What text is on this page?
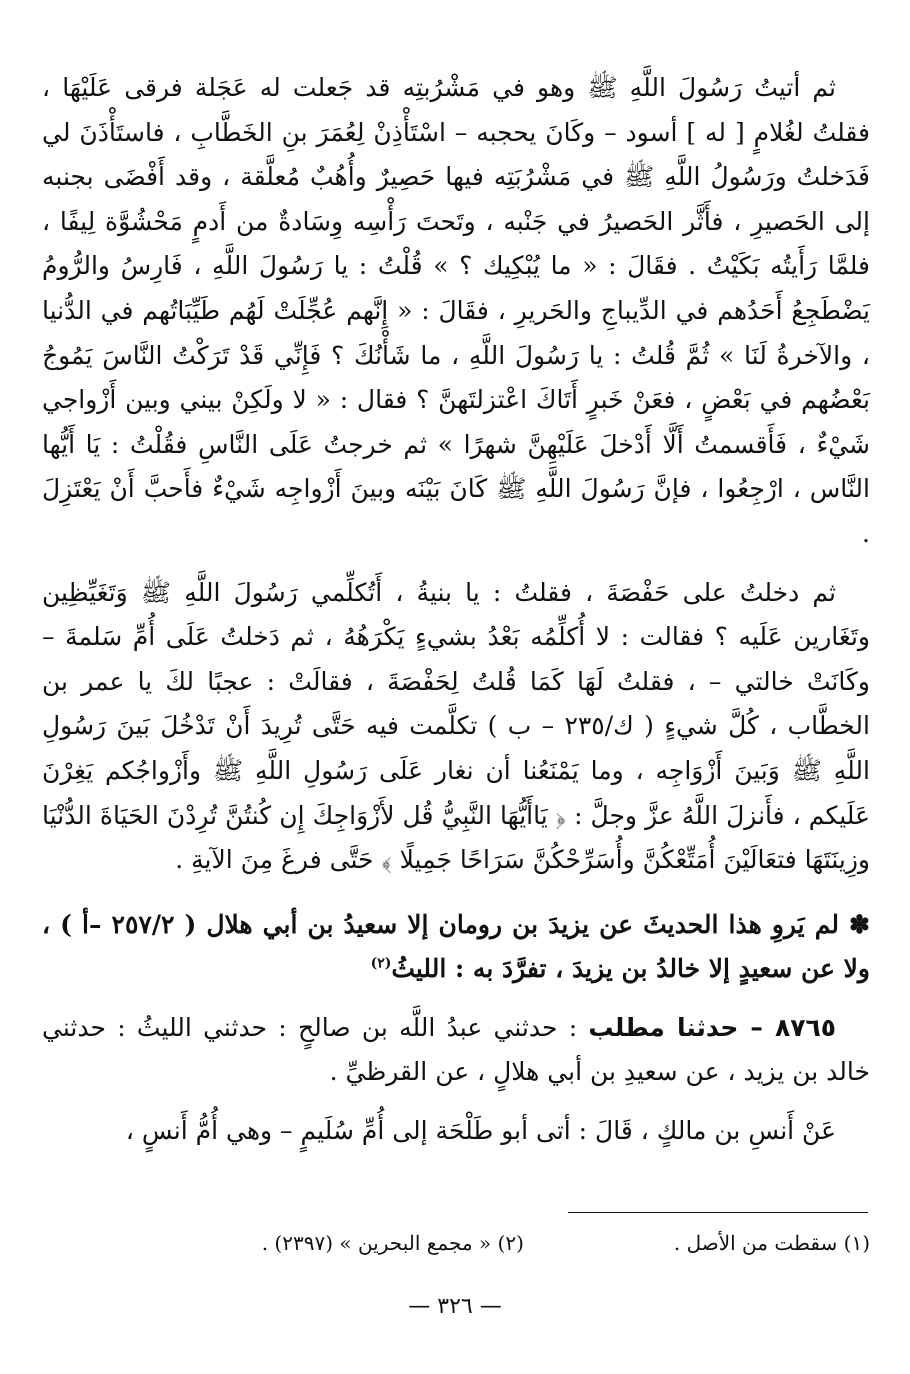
ثم أتيتُ رَسُولَ اللَّهِ ﷺ وهو في مَشْرُبتِه قد جَعلت له عَجَلة فرقى عَلَيْهَا ، فقلتُ لغُلامٍ [ له ] أسود – وكَانَ يحجبه – اسْتَأْذِنْ لِعُمَرَ بنِ الخَطَّابِ ، فاستَأْذَنَ لي فَدَخلتُ ورَسُولُ اللَّهِ ﷺ في مَشْرُبَتِه فيها حَصِيرٌ وأُهُبٌ مُعلَّقة ، وقد أَفْضَى بجنبه إلى الحَصيرِ ، فأَثَّر الحَصيرُ في جَنْبه ، وتَحتَ رَأْسِه وِسَادةٌ من أَدمٍ مَحْشُوَّة لِيفًا ، فلمَّا رَأَيتُه بَكَيْتُ . فقَالَ : « ما يُبْكِيك ؟ » قُلْتُ : يا رَسُولَ اللَّهِ ، فَارِسُ والرُّومُ يَضْطَجِعُ أَحَدُهم في الدِّيباجِ والحَريرِ ، فقَالَ : « إِنَّهم عُجِّلَتْ لَهُم طَيِّبَاتُهم في الدُّنيا ، والآخرةُ لَنَا » ثُمَّ قُلتُ : يا رَسُولَ اللَّهِ ، ما شَأْنُكَ ؟ فَإِنِّي قَدْ تَرَكْتُ النَّاسَ يَمُوجُ بَعْضُهم في بَعْضٍ ، فعَنْ خَبرٍ أَتَاكَ اعْتزلتَهنَّ ؟ فقال : « لا ولَكِنْ بيني وبين أَزْواجي شَيْءٌ ، فَأَقسمتُ أَلَّا أَدْخلَ عَلَيْهِنَّ شهرًا » ثم خرجتُ عَلَى النَّاسِ فقُلْتُ : يَا أَيُّها النَّاس ، ارْجِعُوا ، فإنَّ رَسُولَ اللَّهِ ﷺ كَانَ بَيْنَه وبينَ أَزْواجِه شَيْءٌ فأَحبَّ أَنْ يَعْتَزِلَ .

ثم دخلتُ على حَفْصَةَ ، فقلتُ : يا بنيةُ ، أَتُكلِّمي رَسُولَ اللَّهِ ﷺ وَتَغَيِّظِين وتَغَارين عَلَيه ؟ فقالت : لا أُكلِّمُه بَعْدُ بشيءٍ يَكْرَهُهُ ، ثم دَخلتُ عَلَى أُمِّ سَلمةَ – وكَانَتْ خالتي – ، فقلتُ لَهَا كَمَا قُلتُ لِحَفْصَةَ ، فقالَتْ : عجبًا لكَ يا عمر بن الخطَّاب ، كُلَّ شيءٍ ( ك/٢٣٥ – ب ) تكلَّمت فيه حَتَّى تُرِيدَ أَنْ تَدْخُلَ بَينَ رَسُولِ اللَّهِ ﷺ وَبَينَ أَزْوَاجِه ، وما يَمْنَعُنا أن نغار عَلَى رَسُولِ اللَّهِ ﷺ وأَزْواجُكم يَغِرْنَ عَلَيكم ، فأَنزلَ اللَّهُ عزَّ وجلَّ : ﴿ يَاأَيُّهَا النَّبِيُّ قُل لأَزْوَاجِكَ إِن كُنتُنَّ تُرِدْنَ الحَيَاةَ الدُّنْيَا وزِينَتَهَا فتعَالَيْنَ أُمَتِّعْكُنَّ وأُسَرِّحْكُنَّ سَرَاحًا جَمِيلًا ﴾ حَتَّى فرغَ مِنَ الآيةِ .

✽ لم يَروِ هذا الحديثَ عن يزيدَ بن رومان إلا سعيدُ بن أبي هلال ( ٢٥٧/٢ –أ ) ، ولا عن سعيدٍ إلا خالدُ بن يزيدَ ، تفرَّدَ به : الليثُ$^{(٢)}$

٨٧٦٥ – حدثنا مطلب : حدثني عبدُ اللَّه بن صالحٍ : حدثني الليثُ : حدثني خالد بن يزيد ، عن سعيدِ بن أبي هلالٍ ، عن القرظيِّ .

عَنْ أَنسِ بن مالكٍ ، قَالَ : أتى أبو طَلْحَة إلى أُمِّ سُلَيمٍ – وهي أُمُّ أَنسٍ ،

(١) سقطت من الأصل .
(٢) « مجمع البحرين » (٢٣٩٧) .
— ٣٢٦ —
